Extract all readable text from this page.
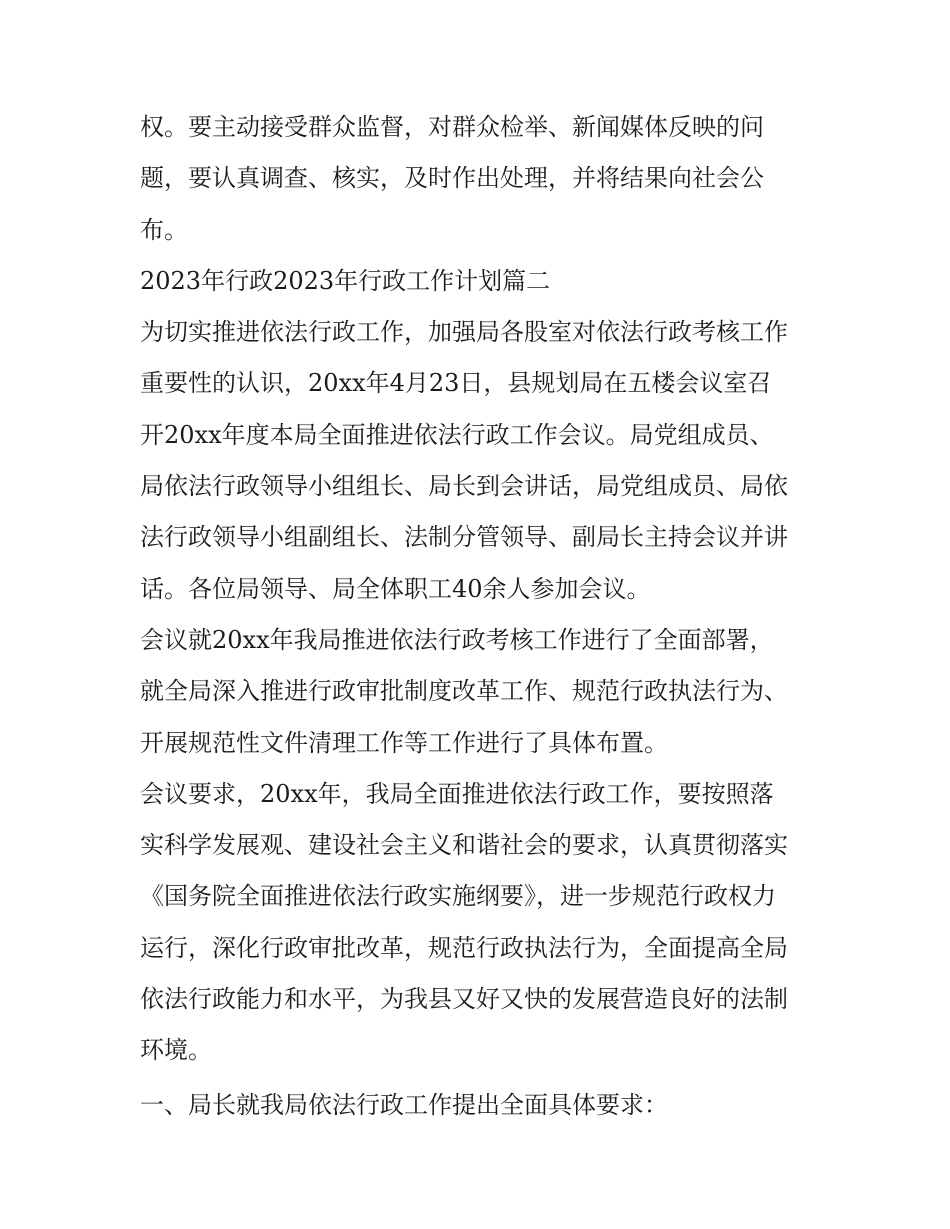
权。要主动接受群众监督，对群众检举、新闻媒体反映的问
题，要认真调查、核实，及时作出处理，并将结果向社会公
布。
2023年行政2023年行政工作计划篇二
为切实推进依法行政工作，加强局各股室对依法行政考核工作
重要性的认识，20xx年4月23日，县规划局在五楼会议室召
开20xx年度本局全面推进依法行政工作会议。局党组成员、
局依法行政领导小组组长、局长到会讲话，局党组成员、局依
法行政领导小组副组长、法制分管领导、副局长主持会议并讲
话。各位局领导、局全体职工40余人参加会议。
会议就20xx年我局推进依法行政考核工作进行了全面部署，
就全局深入推进行政审批制度改革工作、规范行政执法行为、
开展规范性文件清理工作等工作进行了具体布置。
会议要求，20xx年，我局全面推进依法行政工作，要按照落
实科学发展观、建设社会主义和谐社会的要求，认真贯彻落实
《国务院全面推进依法行政实施纲要》，进一步规范行政权力
运行，深化行政审批改革，规范行政执法行为，全面提高全局
依法行政能力和水平，为我县又好又快的发展营造良好的法制
环境。
一、局长就我局依法行政工作提出全面具体要求：
